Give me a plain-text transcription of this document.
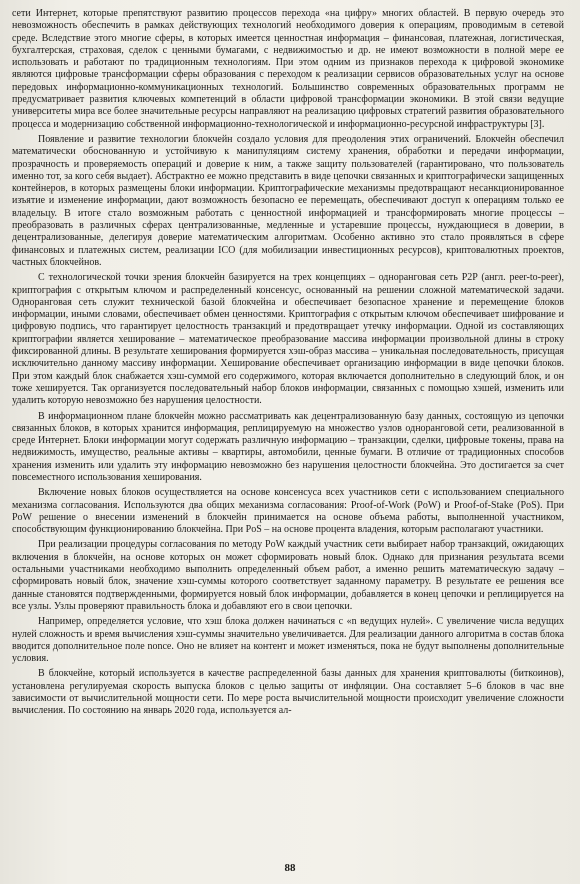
сети Интернет, которые препятствуют развитию процессов перехода «на цифру» многих областей. В первую очередь это невозможность обеспечить в рамках действующих технологий необходимого доверия к операциям, проводимым в сетевой среде. Вследствие этого многие сферы, в которых имеется ценностная информация – финансовая, платежная, логистическая, бухгалтерская, страховая, сделок с ценными бумагами, с недвижимостью и др. не имеют возможности в полной мере ее использовать и работают по традиционным технологиям. При этом одним из признаков перехода к цифровой экономике являются цифровые трансформации сферы образования с переходом к реализации сервисов образовательных услуг на основе передовых информационно-коммуникационных технологий. Большинство современных образовательных программ не предусматривает развития ключевых компетенций в области цифровой трансформации экономики. В этой связи ведущие университеты мира все более значительные ресурсы направляют на реализацию цифровых стратегий развития образовательного процесса и модернизацию собственной информационно-технологической и информационно-ресурсной инфраструктуры [3].

Появление и развитие технологии блокчейн создало условия для преодоления этих ограничений. Блокчейн обеспечил математически обоснованную и устойчивую к манипуляциям систему хранения, обработки и передачи информации, прозрачность и проверяемость операций и доверие к ним, а также защиту пользователей (гарантировано, что пользователь именно тот, за кого себя выдает). Абстрактно ее можно представить в виде цепочки связанных и криптографически защищенных контейнеров, в которых размещены блоки информации. Криптографические механизмы предотвращают несанкционированное изъятие и изменение информации, дают возможность безопасно ее перемещать, обеспечивают доступ к операциям только ее владельцу. В итоге стало возможным работать с ценностной информацией и трансформировать многие процессы – преобразовать в различных сферах централизованные, медленные и устаревшие процессы, нуждающиеся в доверии, в децентрализованные, делегируя доверие математическим алгоритмам. Особенно активно это стало проявляться в сфере финансовых и платежных систем, реализации ICO (для мобилизации инвестиционных ресурсов), криптовалютных проектов, частных блокчейнов.

С технологической точки зрения блокчейн базируется на трех концепциях – одноранговая сеть P2P (англ. peer-to-peer), криптография с открытым ключом и распределенный консенсус, основанный на решении сложной математической задачи. Одноранговая сеть служит технической базой блокчейна и обеспечивает безопасное хранение и перемещение блоков информации, иными словами, обеспечивает обмен ценностями. Криптография с открытым ключом обеспечивает шифрование и цифровую подпись, что гарантирует целостность транзакций и предотвращает утечку информации. Одной из составляющих криптографии является хеширование – математическое преобразование массива информации произвольной длины в строку фиксированной длины. В результате хеширования формируется хэш-образ массива – уникальная последовательность, присущая исключительно данному массиву информации. Хеширование обеспечивает организацию информации в виде цепочки блоков. При этом каждый блок снабжается хэш-суммой его содержимого, которая включается дополнительно в следующий блок, и он тоже хешируется. Так организуется последовательный набор блоков информации, связанных с помощью хэшей, изменить или удалить которую невозможно без нарушения целостности.

В информационном плане блокчейн можно рассматривать как децентрализованную базу данных, состоящую из цепочки связанных блоков, в которых хранится информация, реплицируемую на множество узлов одноранговой сети, реализованной в среде Интернет. Блоки информации могут содержать различную информацию – транзакции, сделки, цифровые токены, права на недвижимость, имущество, реальные активы – квартиры, автомобили, ценные бумаги. В отличие от традиционных способов хранения изменить или удалить эту информацию невозможно без нарушения целостности блокчейна. Это достигается за счет повсеместного использования хеширования.

Включение новых блоков осуществляется на основе консенсуса всех участников сети с использованием специального механизма согласования. Используются два общих механизма согласования: Proof-of-Work (PoW) и Proof-of-Stake (PoS). При PoW решение о внесении изменений в блокчейн принимается на основе объема работы, выполненной участником, способствующим функционированию блокчейна. При PoS – на основе процента владения, которым располагают участники.

При реализации процедуры согласования по методу PoW каждый участник сети выбирает набор транзакций, ожидающих включения в блокчейн, на основе которых он может сформировать новый блок. Однако для признания результата всеми остальными участниками необходимо выполнить определенный объем работ, а именно решить математическую задачу – сформировать новый блок, значение хэш-суммы которого соответствует заданному параметру. В результате ее решения все данные становятся подтвержденными, формируется новый блок информации, добавляется в конец цепочки и реплицируется на все узлы. Узлы проверяют правильность блока и добавляют его в свои цепочки.

Например, определяется условие, что хэш блока должен начинаться с «n ведущих нулей». С увеличение числа ведущих нулей сложность и время вычисления хэш-суммы значительно увеличивается. Для реализации данного алгоритма в состав блока вводится дополнительное поле nonce. Оно не влияет на контент и может изменяться, пока не будут выполнены дополнительные условия.

В блокчейне, который используется в качестве распределенной базы данных для хранения криптовалюты (биткоинов), установлена регулируемая скорость выпуска блоков с целью защиты от инфляции. Она составляет 5–6 блоков в час вне зависимости от вычислительной мощности сети. По мере роста вычислительной мощности происходит увеличение сложности вычисления. По состоянию на январь 2020 года, используется ал-

88
